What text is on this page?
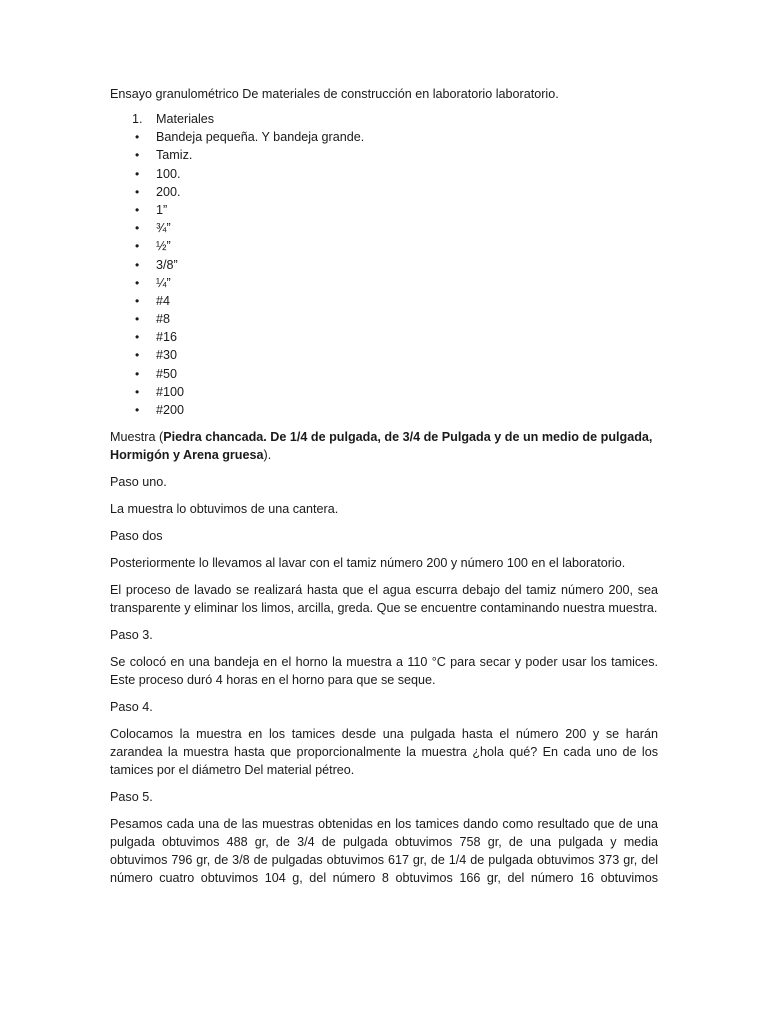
Ensayo granulométrico De materiales de construcción en laboratorio laboratorio.

1. Materiales
• Bandeja pequeña. Y bandeja grande.
• Tamiz.
• 100.
• 200.
• 1”
• ¾”
• ½”
• 3/8”
• ¼”
• #4
• #8
• #16
• #30
• #50
• #100
• #200

Muestra (Piedra chancada. De 1/4 de pulgada, de 3/4 de Pulgada y de un medio de pulgada, Hormigón y Arena gruesa).

Paso uno.

La muestra lo obtuvimos de una cantera.

Paso dos

Posteriormente lo llevamos al lavar con el tamiz número 200 y número 100 en el laboratorio.

El proceso de lavado se realizará hasta que el agua escurra debajo del tamiz número 200, sea transparente y eliminar los limos, arcilla, greda. Que se encuentre contaminando nuestra muestra.

Paso 3.

Se colocó en una bandeja en el horno la muestra a 110 °C para secar y poder usar los tamices. Este proceso duró 4 horas en el horno para que se seque.

Paso 4.

Colocamos la muestra en los tamices desde una pulgada hasta el número 200 y se harán zarandea la muestra hasta que proporcionalmente la muestra ¿hola qué? En cada uno de los tamices por el diámetro Del material pétreo.

Paso 5.

Pesamos cada una de las muestras obtenidas en los tamices dando como resultado que de una pulgada obtuvimos 488 gr, de 3/4 de pulgada obtuvimos 758 gr, de una pulgada y media obtuvimos 796 gr, de 3/8 de pulgadas obtuvimos 617 gr, de 1/4 de pulgada obtuvimos 373 gr, del número cuatro obtuvimos 104 g, del número 8 obtuvimos 166 gr, del número 16 obtuvimos
